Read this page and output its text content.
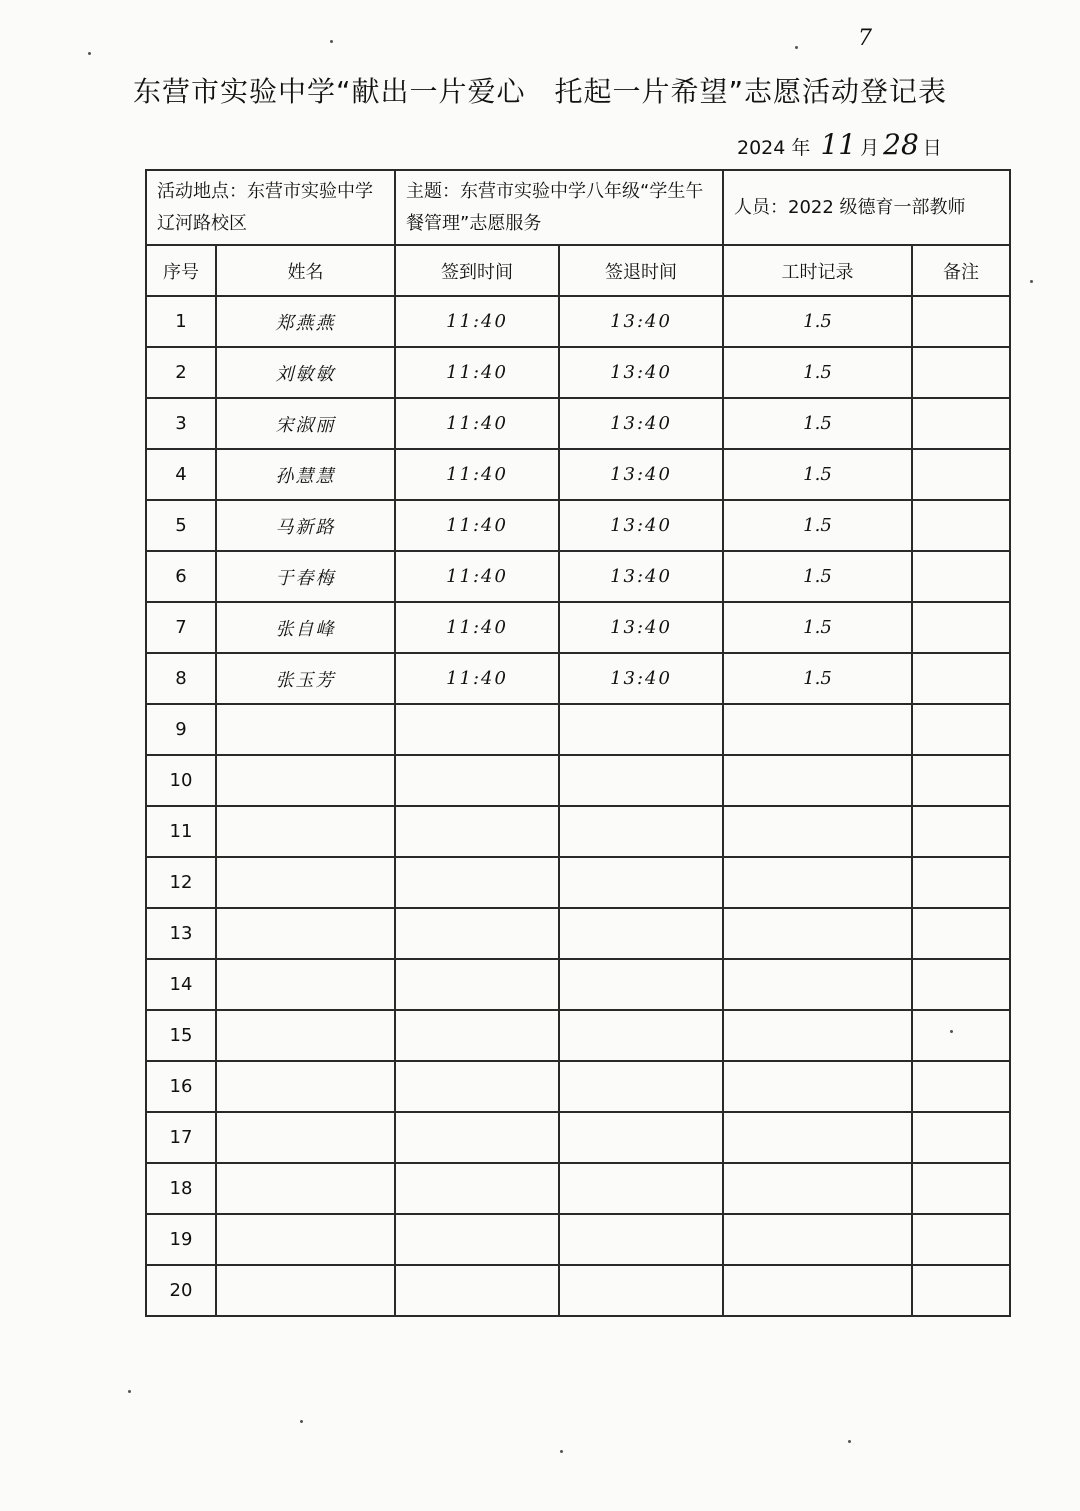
7
东营市实验中学“献出一片爱心　托起一片希望”志愿活动登记表
2024 年 11 月 28 日
活动地点：东营市实验中学辽河路校区		主题：东营市实验中学八年级“学生午餐管理”志愿服务		人员：2022 级德育一部教师	
序号	姓名	签到时间	签退时间	工时记录	备注
1	郑燕燕	11:40	13:40	1.5	
2	刘敏敏	11:40	13:40	1.5	
3	宋淑丽	11:40	13:40	1.5	
4	孙慧慧	11:40	13:40	1.5	
5	马新路	11:40	13:40	1.5	
6	于春梅	11:40	13:40	1.5	
7	张自峰	11:40	13:40	1.5	
8	张玉芳	11:40	13:40	1.5	
9					
10					
11					
12					
13					
14					
15					
16					
17					
18					
19					
20					
